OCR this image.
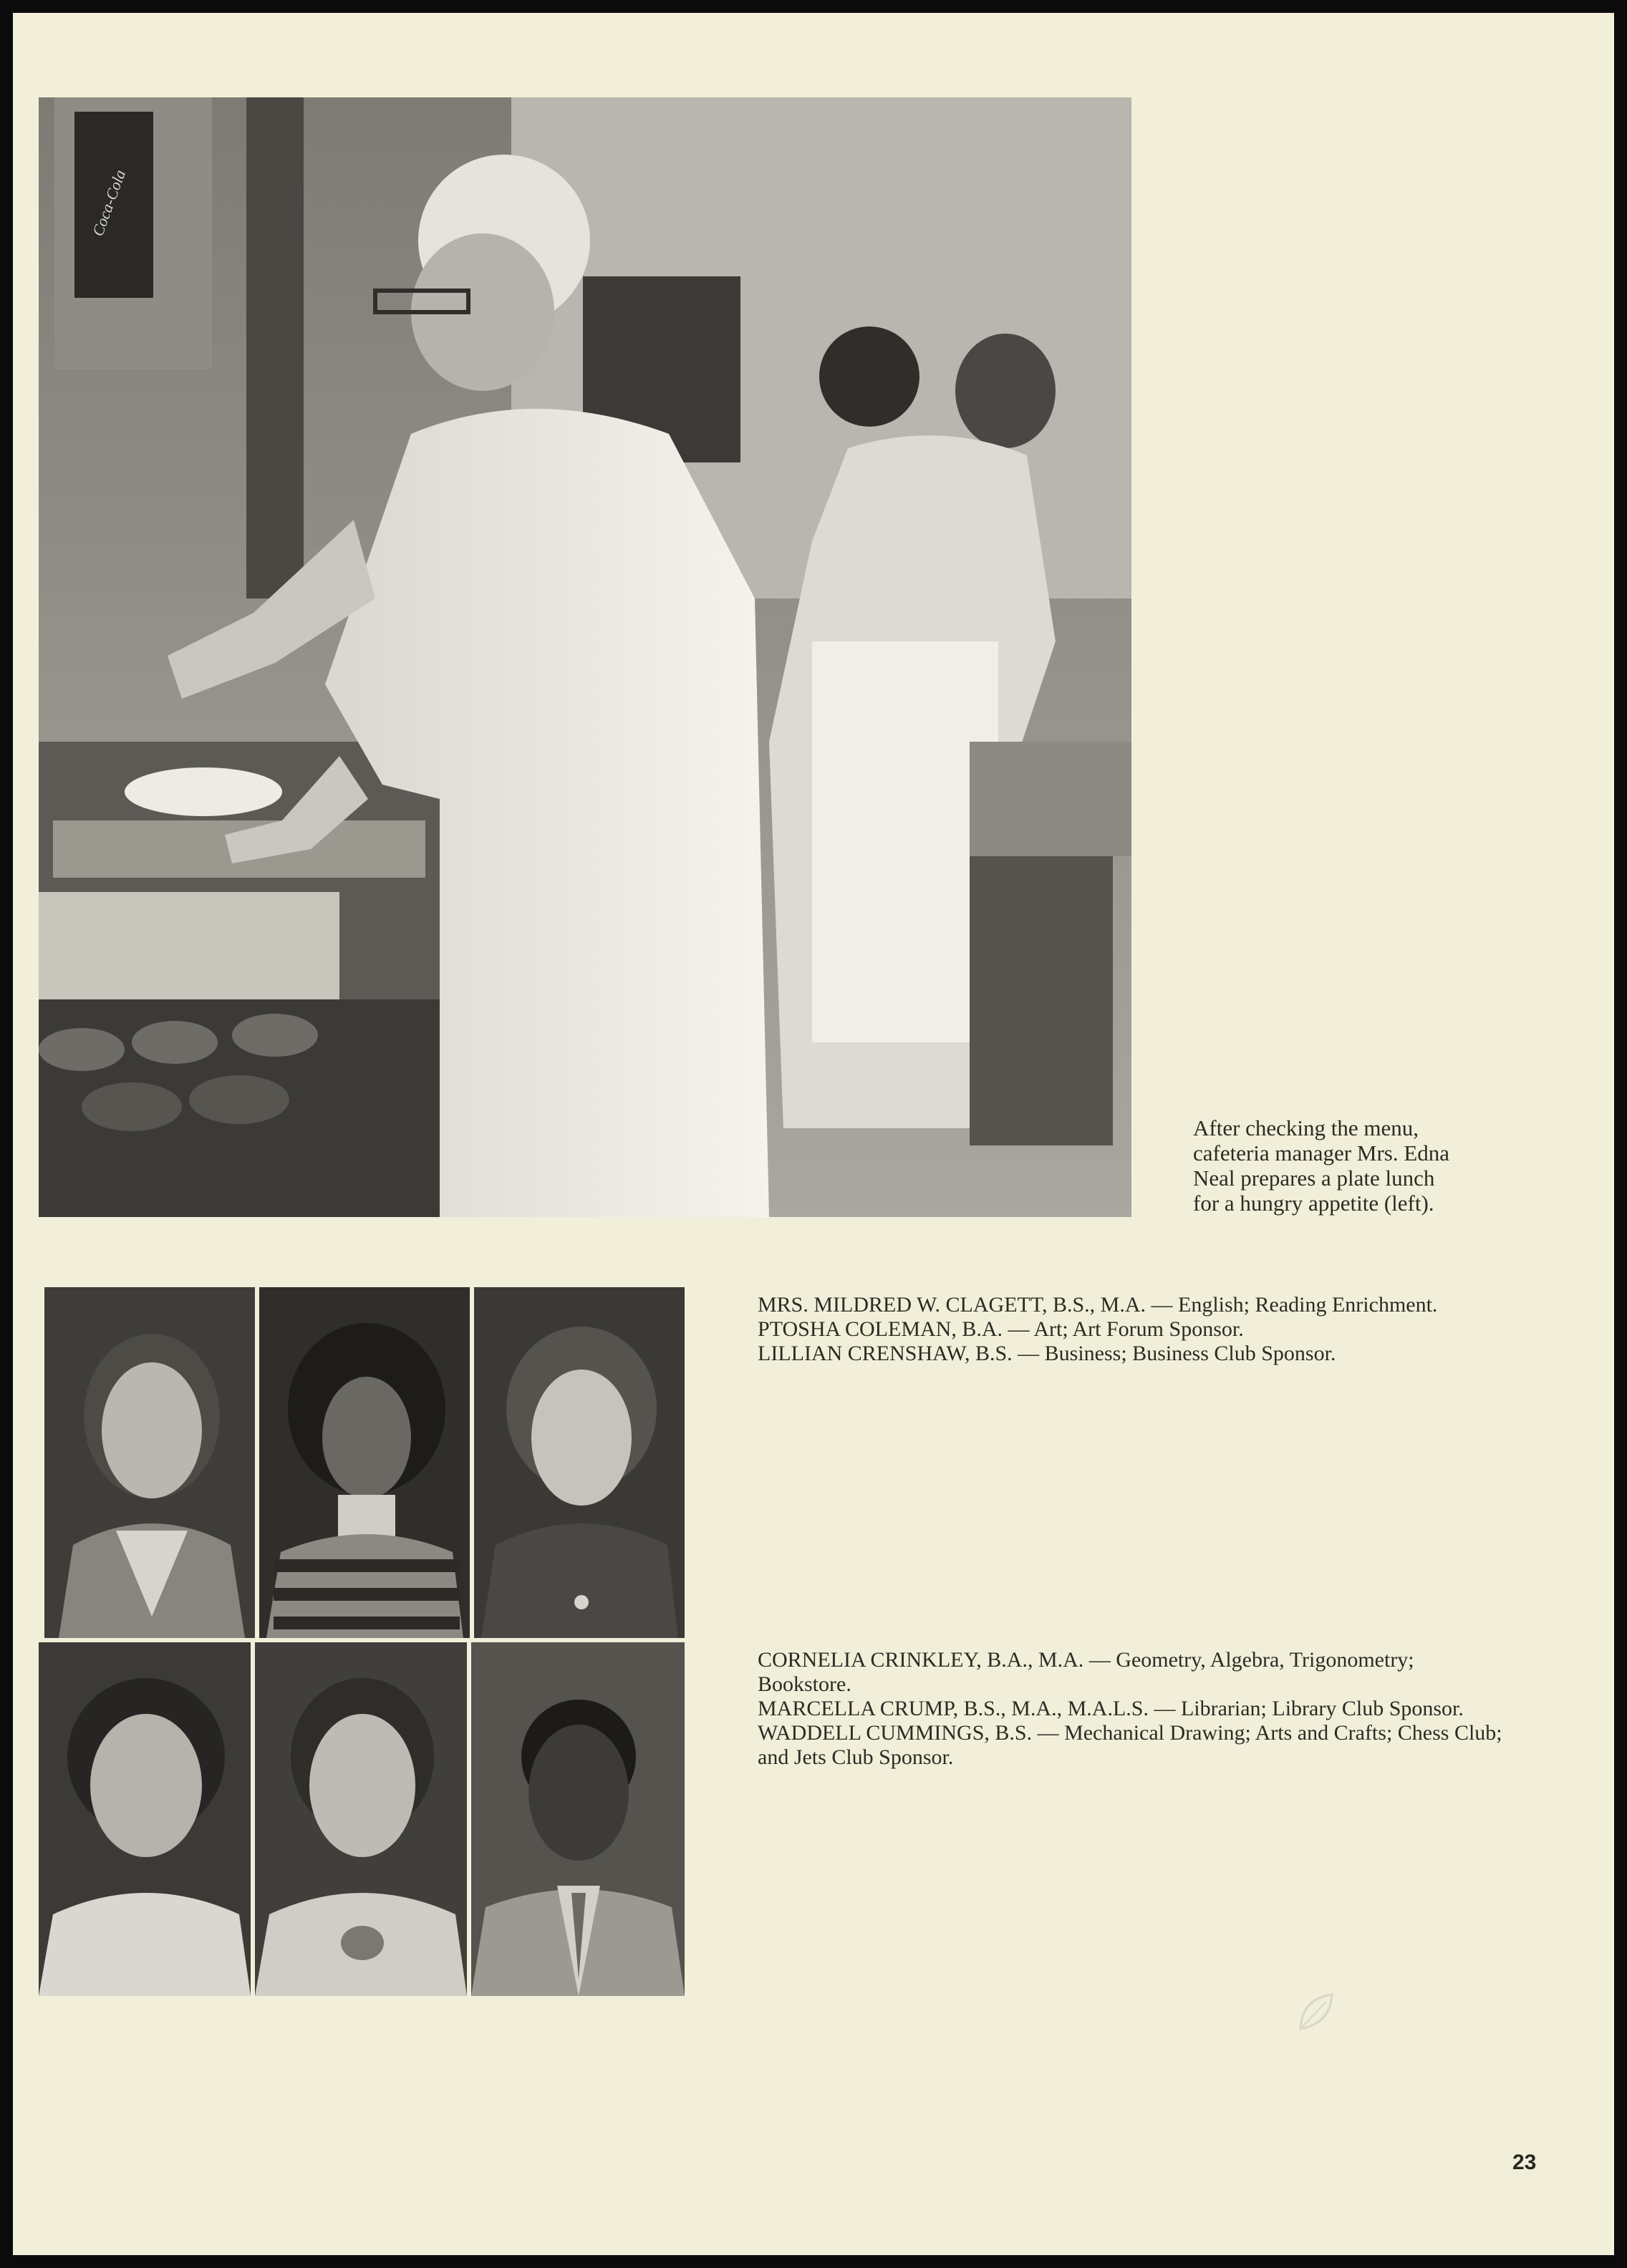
Coca-Cola
After checking the menu,
cafeteria manager Mrs. Edna
Neal prepares a plate lunch
for a hungry appetite (left).

MRS. MILDRED W. CLAGETT, B.S., M.A. — English; Reading Enrichment.

PTOSHA COLEMAN, B.A. — Art; Art Forum Sponsor.

LILLIAN CRENSHAW, B.S. — Business; Business Club Sponsor.

CORNELIA CRINKLEY, B.A., M.A. — Geometry, Algebra, Trigonometry; Bookstore.

MARCELLA CRUMP, B.S., M.A., M.A.L.S. — Librarian; Library Club Sponsor.

WADDELL CUMMINGS, B.S. — Mechanical Drawing; Arts and Crafts; Chess Club; and Jets Club Sponsor.

23
